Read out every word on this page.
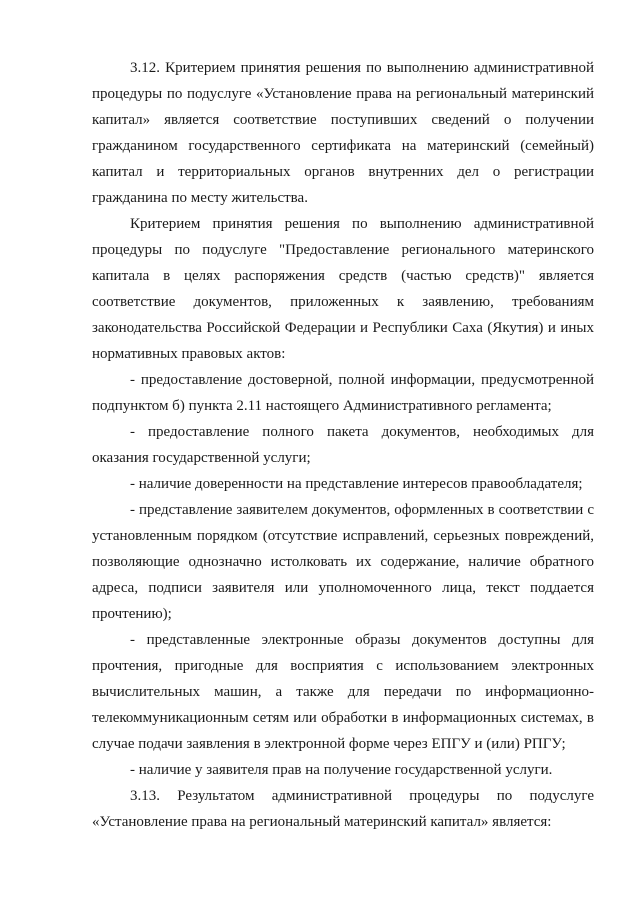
3.12. Критерием принятия решения по выполнению административной процедуры по подуслуге «Установление права на региональный материнский капитал» является соответствие поступивших сведений о получении гражданином государственного сертификата на материнский (семейный) капитал и территориальных органов внутренних дел о регистрации гражданина по месту жительства.

Критерием принятия решения по выполнению административной процедуры по подуслуге "Предоставление регионального материнского капитала в целях распоряжения средств (частью средств)" является соответствие документов, приложенных к заявлению, требованиям законодательства Российской Федерации и Республики Саха (Якутия) и иных нормативных правовых актов:

- предоставление достоверной, полной информации, предусмотренной подпунктом б) пункта 2.11 настоящего Административного регламента;

- предоставление полного пакета документов, необходимых для оказания государственной услуги;

- наличие доверенности на представление интересов правообладателя;

- представление заявителем документов, оформленных в соответствии с установленным порядком (отсутствие исправлений, серьезных повреждений, позволяющие однозначно истолковать их содержание, наличие обратного адреса, подписи заявителя или уполномоченного лица, текст поддается прочтению);

- представленные электронные образы документов доступны для прочтения, пригодные для восприятия с использованием электронных вычислительных машин, а также для передачи по информационно-телекоммуникационным сетям или обработки в информационных системах, в случае подачи заявления в электронной форме через ЕПГУ и (или) РПГУ;

- наличие у заявителя прав на получение государственной услуги.

3.13. Результатом административной процедуры по подуслуге «Установление права на региональный материнский капитал» является:
